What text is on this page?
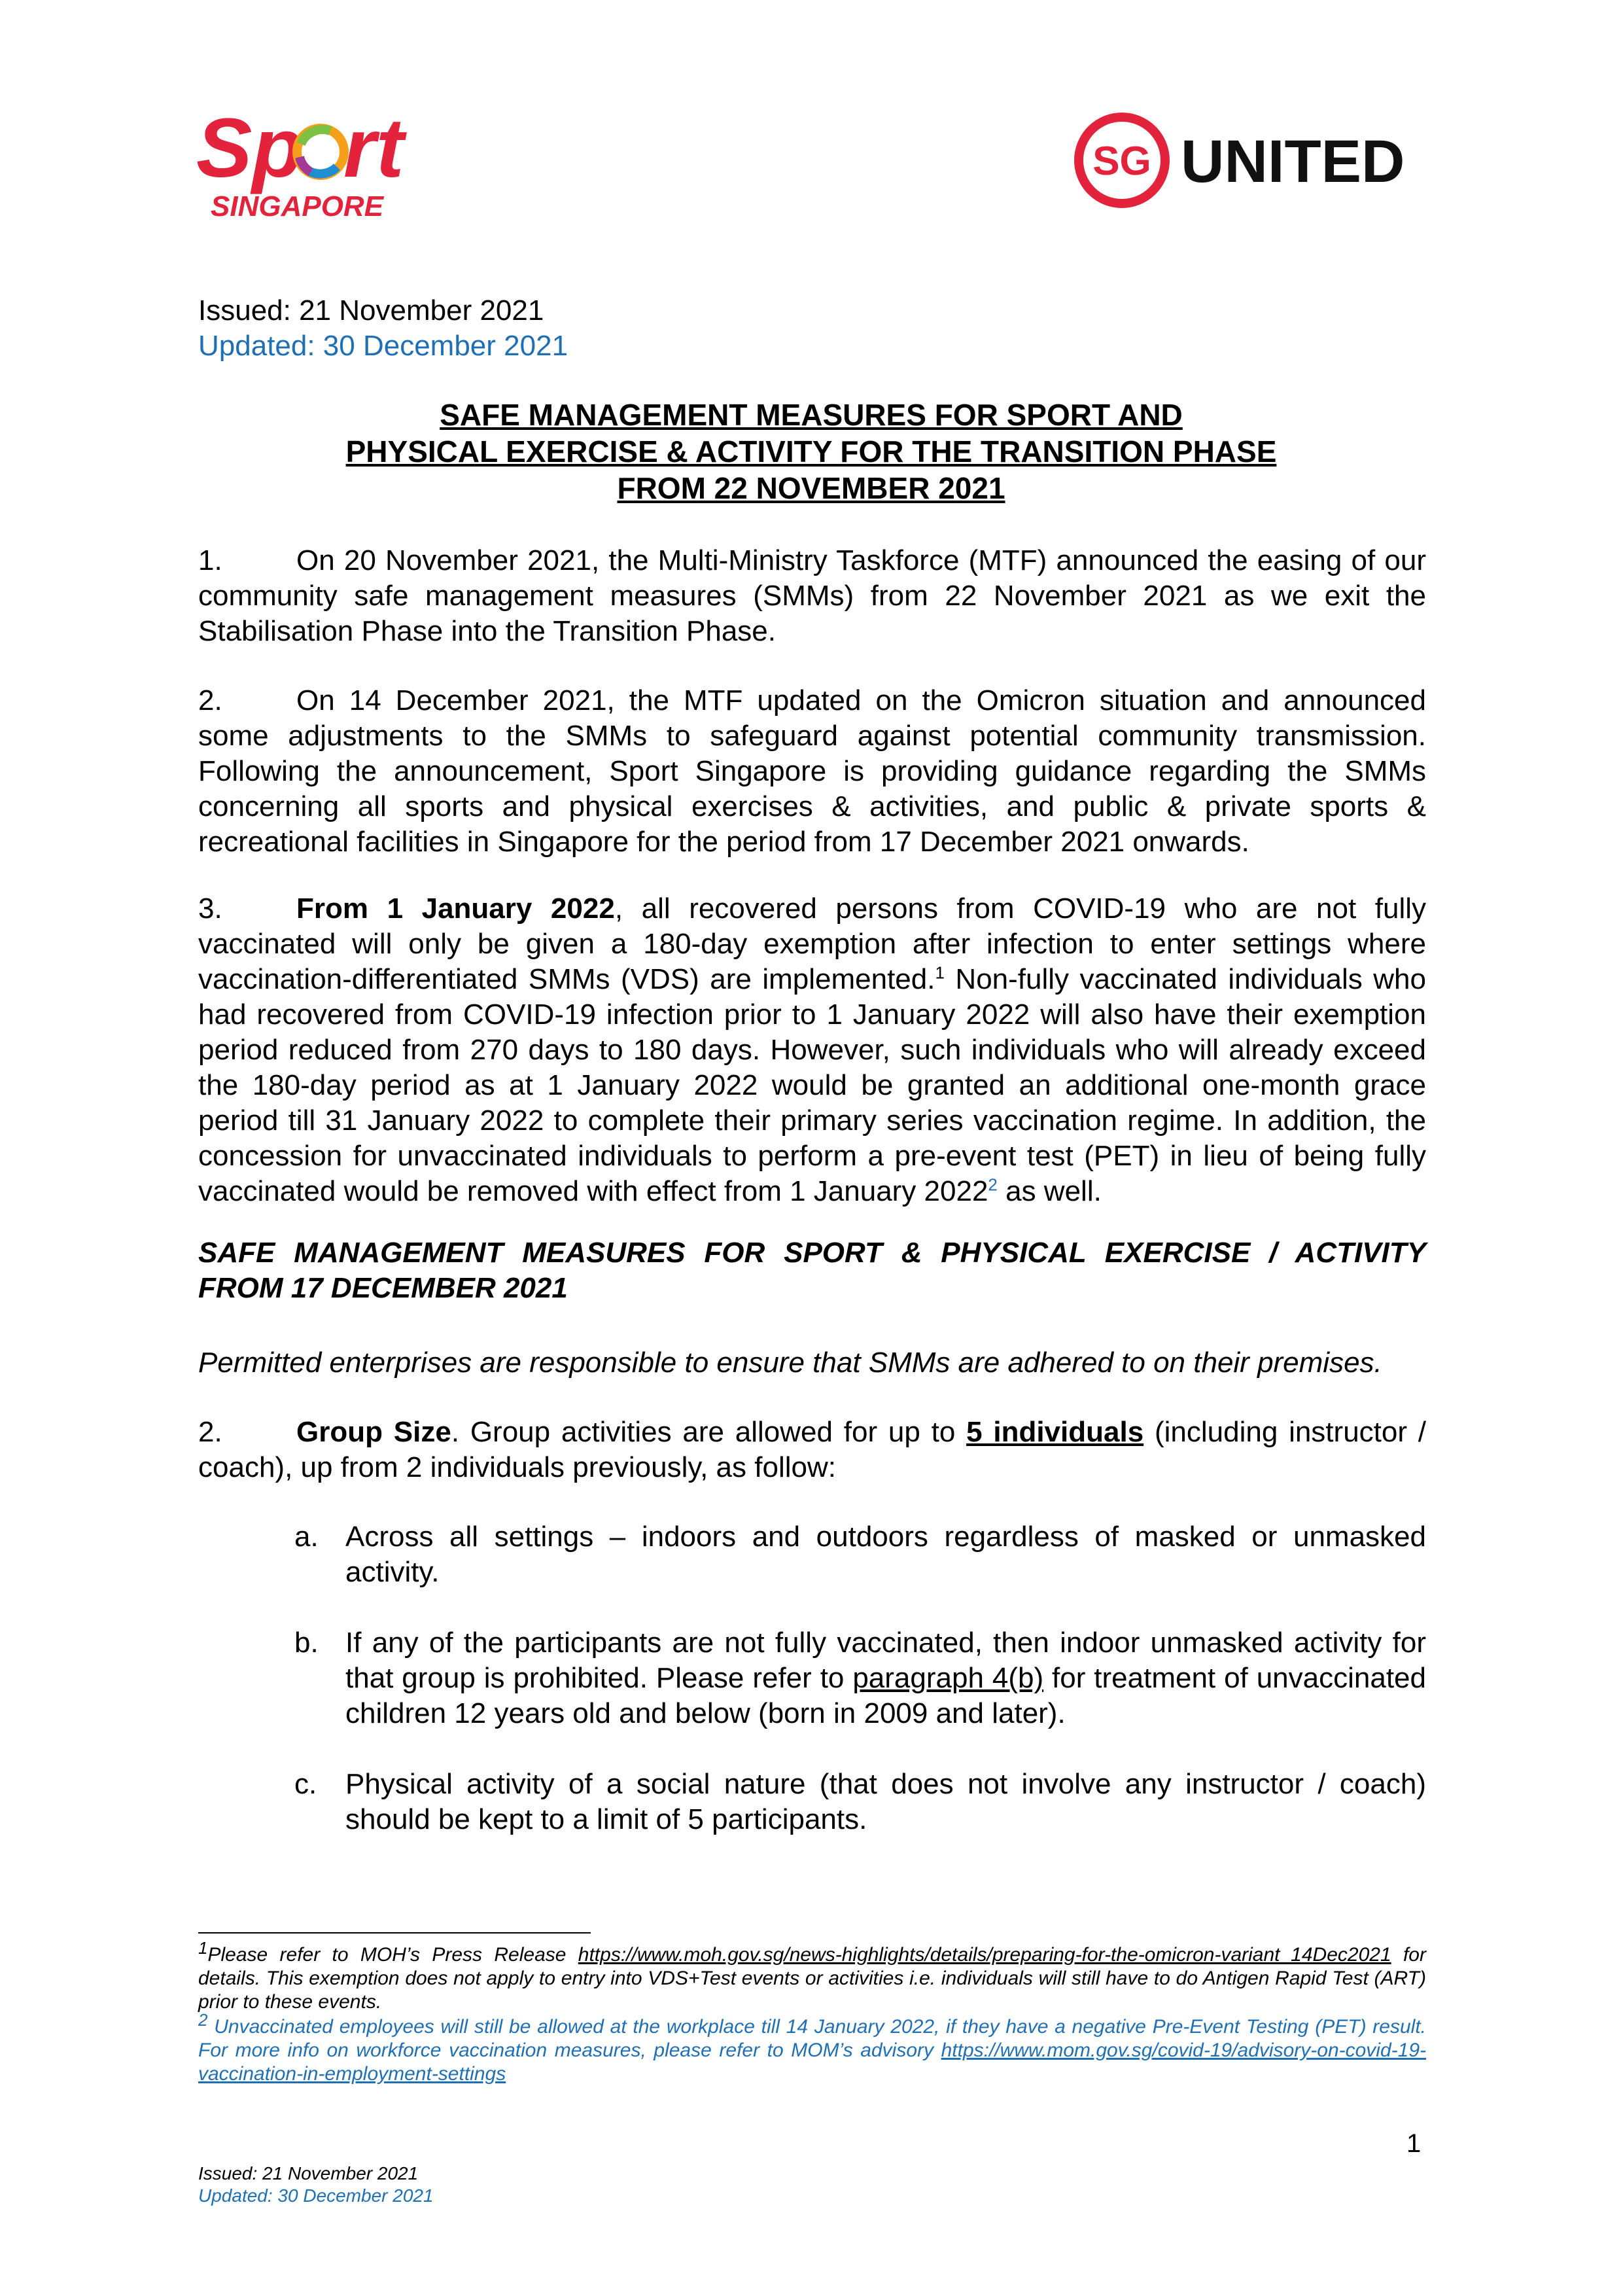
Sp rt
SINGAPORE
SG UNITED
Issued: 21 November 2021
Updated: 30 December 2021
SAFE MANAGEMENT MEASURES FOR SPORT AND
PHYSICAL EXERCISE & ACTIVITY FOR THE TRANSITION PHASE
FROM 22 NOVEMBER 2021
1.	On 20 November 2021, the Multi-Ministry Taskforce (MTF) announced the easing of our community safe management measures (SMMs) from 22 November 2021 as we exit the Stabilisation Phase into the Transition Phase.
2.	On 14 December 2021, the MTF updated on the Omicron situation and announced some adjustments to the SMMs to safeguard against potential community transmission. Following the announcement, Sport Singapore is providing guidance regarding the SMMs concerning all sports and physical exercises & activities, and public & private sports & recreational facilities in Singapore for the period from 17 December 2021 onwards.
3.	From 1 January 2022, all recovered persons from COVID-19 who are not fully vaccinated will only be given a 180-day exemption after infection to enter settings where vaccination-differentiated SMMs (VDS) are implemented.$^1$ Non-fully vaccinated individuals who had recovered from COVID-19 infection prior to 1 January 2022 will also have their exemption period reduced from 270 days to 180 days. However, such individuals who will already exceed the 180-day period as at 1 January 2022 would be granted an additional one-month grace period till 31 January 2022 to complete their primary series vaccination regime. In addition, the concession for unvaccinated individuals to perform a pre-event test (PET) in lieu of being fully vaccinated would be removed with effect from 1 January 2022$^2$ as well.
SAFE MANAGEMENT MEASURES FOR SPORT & PHYSICAL EXERCISE / ACTIVITY
FROM 17 DECEMBER 2021
Permitted enterprises are responsible to ensure that SMMs are adhered to on their premises.
2.	Group Size. Group activities are allowed for up to 5 individuals (including instructor / coach), up from 2 individuals previously, as follow:
a. Across all settings – indoors and outdoors regardless of masked or unmasked activity.
b. If any of the participants are not fully vaccinated, then indoor unmasked activity for that group is prohibited. Please refer to paragraph 4(b) for treatment of unvaccinated children 12 years old and below (born in 2009 and later).
c. Physical activity of a social nature (that does not involve any instructor / coach) should be kept to a limit of 5 participants.
$^1$Please refer to MOH’s Press Release https://www.moh.gov.sg/news-highlights/details/preparing-for-the-omicron-variant_14Dec2021 for details. This exemption does not apply to entry into VDS+Test events or activities i.e. individuals will still have to do Antigen Rapid Test (ART) prior to these events.
$^2$ Unvaccinated employees will still be allowed at the workplace till 14 January 2022, if they have a negative Pre-Event Testing (PET) result. For more info on workforce vaccination measures, please refer to MOM’s advisory https://www.mom.gov.sg/covid-19/advisory-on-covid-19-vaccination-in-employment-settings
1
Issued: 21 November 2021
Updated: 30 December 2021
